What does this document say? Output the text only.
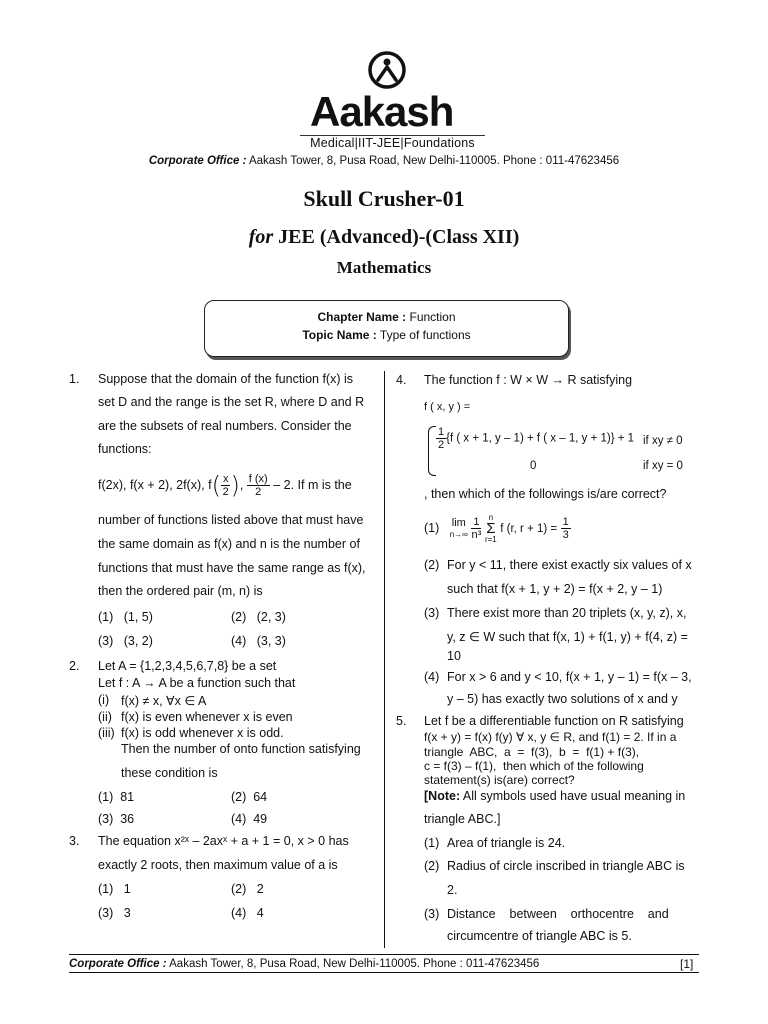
Aakash
Medical|IIT-JEE|Foundations
Corporate Office : Aakash Tower, 8, Pusa Road, New Delhi-110005. Phone : 011-47623456
Skull Crusher-01
for JEE (Advanced)-(Class XII)
Mathematics
Chapter Name : Function
Topic Name : Type of functions
1. Suppose that the domain of the function f(x) is
set D and the range is the set R, where D and R
are the subsets of real numbers. Consider the
functions:
f(2x), f(x + 2), 2f(x), $f( \frac{x}{2}$ ), $\frac{f (x)}{2} - 2$. If m is the
number of functions listed above that must have
the same domain as f(x) and n is the number of
functions that must have the same range as f(x),
then the ordered pair (m, n) is
(1) (1, 5)	(2) (2, 3)
(3) (3, 2)	(4) (3, 3)
2. Let A = {1,2,3,4,5,6,7,8} be a set
Let f : A → A be a function such that
(i) f(x) ≠ x, ∀x ∈ A
(ii) f(x) is even whenever x is even
(iii) f(x) is odd whenever x is odd.
Then the number of onto function satisfying
these condition is
(1) 81	(2) 64
(3) 36	(4) 49
3. The equation x²ˣ – 2axˣ + a + 1 = 0, x > 0 has
exactly 2 roots, then maximum value of a is
(1) 1	(2) 2
(3) 3	(4) 4
4. The function f : W × W → R satisfying
f ( x, y ) =
$\frac{1}{2} \{f$ ( x + 1, y – 1) + f ( x – 1, y + 1)} + 1 if xy ≠ 0
0	if xy = 0
, then which of the followings is/are correct?
(1) lim
n→∞
$\frac{1}{\text{n³}}$
n
Σ
r=1
f (r, $r + 1) = \frac{1}{3}$
(2) For y < 11, there exist exactly six values of x
such that f(x + 1, y + 2) = f(x + 2, y – 1)
(3) There exist more than 20 triplets (x, y, z), x,
y, z ∈ W such that f(x, 1) + f(1, y) + f(4, z) =
10
(4) For x > 6 and y < 10, f(x + 1, y – 1) = f(x – 3,
y – 5) has exactly two solutions of x and y
5. Let f be a differentiable function on R satisfying
f(x + y) = f(x) f(y) ∀ x, y ∈ R, and f(1) = 2. If in a
triangle  ABC,  a  =  f(3),  b  =  f(1) + f(3),
c = f(3) – f(1),  then which of the following
statement(s) is(are) correct?
[Note: All symbols used have usual meaning in
triangle ABC.]
(1) Area of triangle is 24.
(2) Radius of circle inscribed in triangle ABC is
2.
(3) Distance    between    orthocentre    and
circumcentre of triangle ABC is 5.
Corporate Office : Aakash Tower, 8, Pusa Road, New Delhi-110005. Phone : 011-47623456	[1]
